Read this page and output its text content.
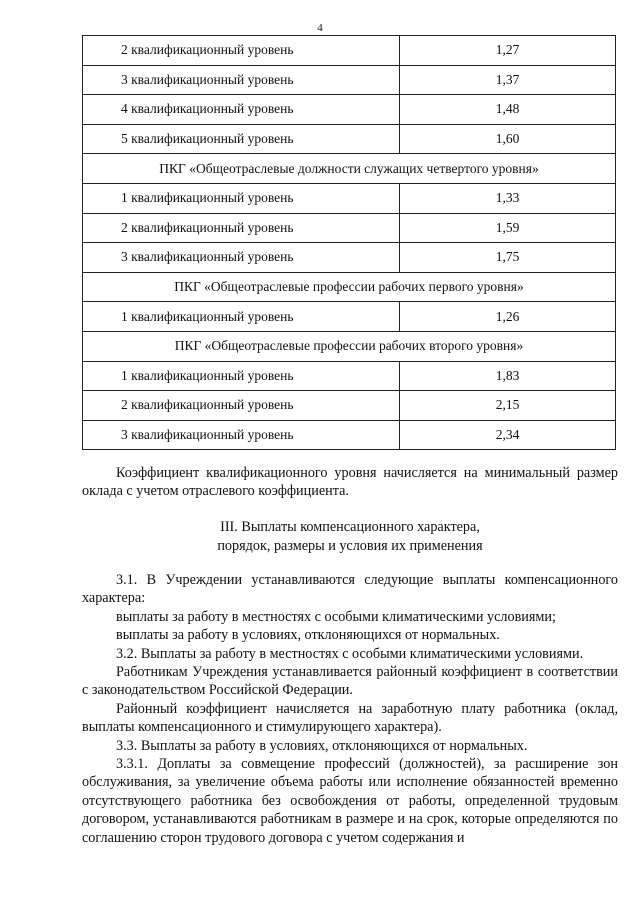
4
2 квалификационный уровень	1,27
3 квалификационный уровень	1,37
4 квалификационный уровень	1,48
5 квалификационный уровень	1,60
ПКГ «Общеотраслевые должности служащих четвертого уровня»	
1 квалификационный уровень	1,33
2 квалификационный уровень	1,59
3 квалификационный уровень	1,75
ПКГ «Общеотраслевые профессии рабочих первого уровня»	
1 квалификационный уровень	1,26
ПКГ «Общеотраслевые профессии рабочих второго уровня»	
1 квалификационный уровень	1,83
2 квалификационный уровень	2,15
3 квалификационный уровень	2,34
Коэффициент квалификационного уровня начисляется на минимальный размер оклада с учетом отраслевого коэффициента.
III. Выплаты компенсационного характера,
порядок, размеры и условия их применения
3.1. В Учреждении устанавливаются следующие выплаты компенсационного характера:
выплаты за работу в местностях с особыми климатическими условиями;
выплаты за работу в условиях, отклоняющихся от нормальных.
3.2. Выплаты за работу в местностях с особыми климатическими условиями.
Работникам Учреждения устанавливается районный коэффициент в соответствии с законодательством Российской Федерации.
Районный коэффициент начисляется на заработную плату работника (оклад, выплаты компенсационного и стимулирующего характера).
3.3. Выплаты за работу в условиях, отклоняющихся от нормальных.
3.3.1. Доплаты за совмещение профессий (должностей), за расширение зон обслуживания, за увеличение объема работы или исполнение обязанностей временно отсутствующего работника без освобождения от работы, определенной трудовым договором, устанавливаются работникам в размере и на срок, которые определяются по соглашению сторон трудового договора с учетом содержания и
